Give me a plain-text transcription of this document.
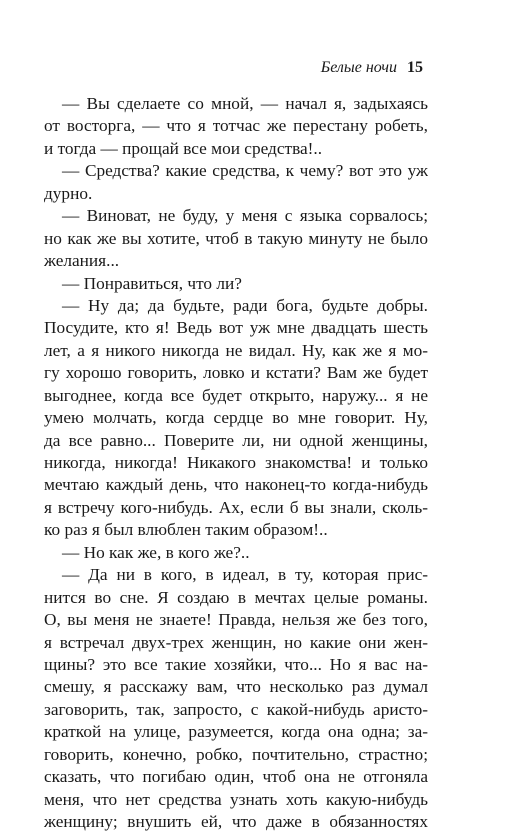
Белые ночи 15
— Вы сделаете со мной, — начал я, задыхаясь
от восторга, — что я тотчас же перестану робеть,
и тогда — прощай все мои средства!..
— Средства? какие средства, к чему? вот это уж
дурно.
— Виноват, не буду, у меня с языка сорвалось;
но как же вы хотите, чтоб в такую минуту не было
желания...
— Понравиться, что ли?
— Ну да; да будьте, ради бога, будьте добры.
Посудите, кто я! Ведь вот уж мне двадцать шесть
лет, а я никого никогда не видал. Ну, как же я мо-
гу хорошо говорить, ловко и кстати? Вам же будет
выгоднее, когда все будет открыто, наружу... я не
умею молчать, когда сердце во мне говорит. Ну,
да все равно... Поверите ли, ни одной женщины,
никогда, никогда! Никакого знакомства! и только
мечтаю каждый день, что наконец-то когда-нибудь
я встречу кого-нибудь. Ах, если б вы знали, сколь-
ко раз я был влюблен таким образом!..
— Но как же, в кого же?..
— Да ни в кого, в идеал, в ту, которая прис-
нится во сне. Я создаю в мечтах целые романы.
О, вы меня не знаете! Правда, нельзя же без того,
я встречал двух-трех женщин, но какие они жен-
щины? это все такие хозяйки, что... Но я вас на-
смешу, я расскажу вам, что несколько раз думал
заговорить, так, запросто, с какой-нибудь аристо-
краткой на улице, разумеется, когда она одна; за-
говорить, конечно, робко, почтительно, страстно;
сказать, что погибаю один, чтоб она не отгоняла
меня, что нет средства узнать хоть какую-нибудь
женщину; внушить ей, что даже в обязанностях
